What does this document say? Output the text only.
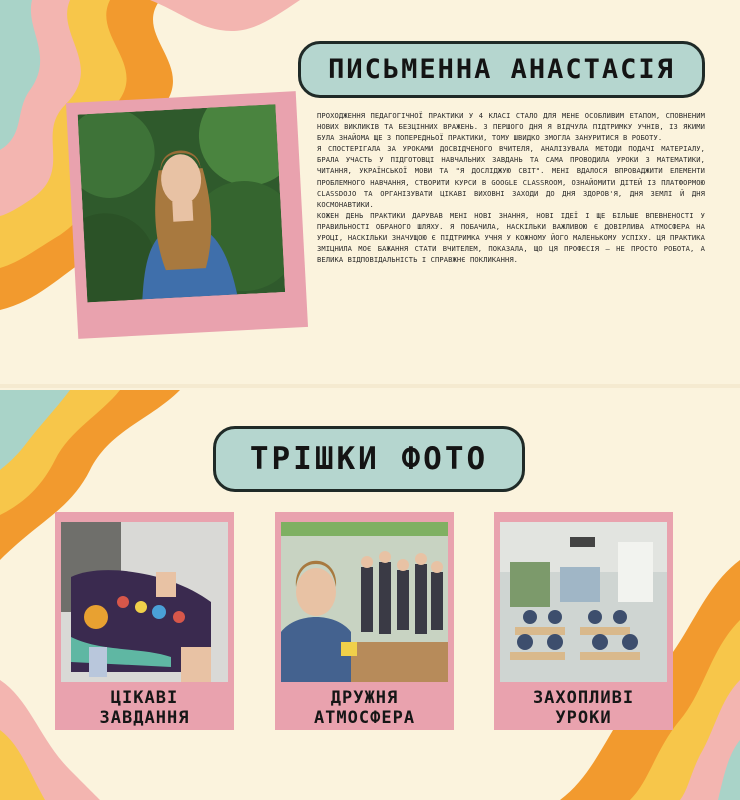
ПИСЬМЕННА АНАСТАСІЯ

ПРОХОДЖЕННЯ ПЕДАГОГІЧНОЇ ПРАКТИКИ У 4 КЛАСІ СТАЛО ДЛЯ МЕНЕ ОСОБЛИВИМ ЕТАПОМ, СПОВНЕНИМ НОВИХ ВИКЛИКІВ ТА БЕЗЦІННИХ ВРАЖЕНЬ. З ПЕРШОГО ДНЯ Я ВІДЧУЛА ПІДТРИМКУ УЧНІВ, ІЗ ЯКИМИ БУЛА ЗНАЙОМА ЩЕ З ПОПЕРЕДНЬОЇ ПРАКТИКИ, ТОМУ ШВИДКО ЗМОГЛА ЗАНУРИТИСЯ В РОБОТУ.

Я СПОСТЕРІГАЛА ЗА УРОКАМИ ДОСВІДЧЕНОГО ВЧИТЕЛЯ, АНАЛІЗУВАЛА МЕТОДИ ПОДАЧІ МАТЕРІАЛУ, БРАЛА УЧАСТЬ У ПІДГОТОВЦІ НАВЧАЛЬНИХ ЗАВДАНЬ ТА САМА ПРОВОДИЛА УРОКИ З МАТЕМАТИКИ, ЧИТАННЯ, УКРАЇНСЬКОЇ МОВИ ТА "Я ДОСЛІДЖУЮ СВІТ". МЕНІ ВДАЛОСЯ ВПРОВАДЖИТИ ЕЛЕМЕНТИ ПРОБЛЕМНОГО НАВЧАННЯ, СТВОРИТИ КУРСИ В GOOGLE CLASSROOM, ОЗНАЙОМИТИ ДІТЕЙ ІЗ ПЛАТФОРМОЮ CLASSDOJO ТА ОРГАНІЗУВАТИ ЦІКАВІ ВИХОВНІ ЗАХОДИ ДО ДНЯ ЗДОРОВ'Я, ДНЯ ЗЕМЛІ Й ДНЯ КОСМОНАВТИКИ.

КОЖЕН ДЕНЬ ПРАКТИКИ ДАРУВАВ МЕНІ НОВІ ЗНАННЯ, НОВІ ІДЕЇ І ЩЕ БІЛЬШЕ ВПЕВНЕНОСТІ У ПРАВИЛЬНОСТІ ОБРАНОГО ШЛЯХУ. Я ПОБАЧИЛА, НАСКІЛЬКИ ВАЖЛИВОЮ Є ДОВІРЛИВА АТМОСФЕРА НА УРОЦІ, НАСКІЛЬКИ ЗНАЧУЩОЮ Є ПІДТРИМКА УЧНЯ У КОЖНОМУ ЙОГО МАЛЕНЬКОМУ УСПІХУ. ЦЯ ПРАКТИКА ЗМІЦНИЛА МОЄ БАЖАННЯ СТАТИ ВЧИТЕЛЕМ, ПОКАЗАЛА, ЩО ЦЯ ПРОФЕСІЯ — НЕ ПРОСТО РОБОТА, А ВЕЛИКА ВІДПОВІДАЛЬНІСТЬ І СПРАВЖНЄ ПОКЛИКАННЯ.

ТРІШКИ ФОТО
ЦІКАВІ
ЗАВДАННЯ
ДРУЖНЯ
АТМОСФЕРА
ЗАХОПЛИВІ
УРОКИ
